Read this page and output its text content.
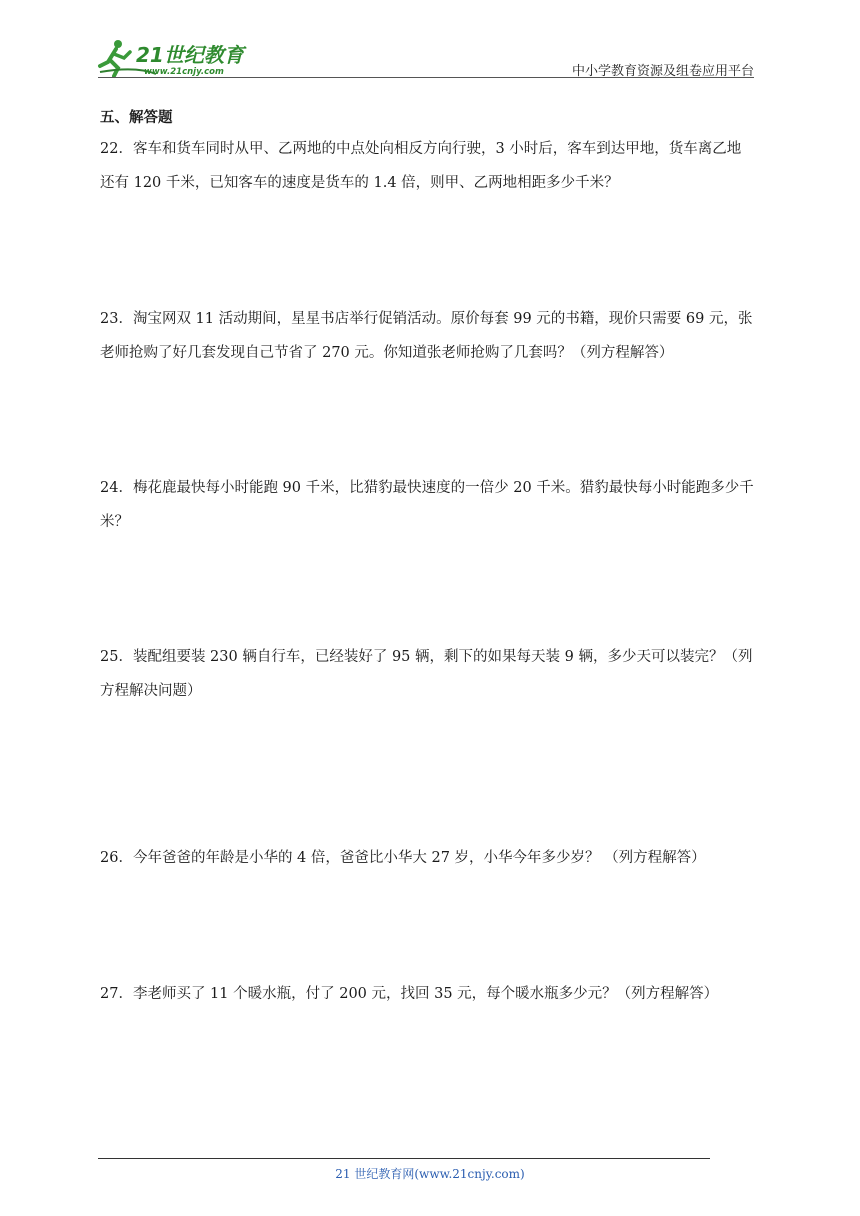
21世纪教育
www.21cnjy.com	中小学教育资源及组卷应用平台
五、解答题
22．客车和货车同时从甲、乙两地的中点处向相反方向行驶，3 小时后，客车到达甲地，货车离乙地
还有 120 千米，已知客车的速度是货车的 1.4 倍，则甲、乙两地相距多少千米？
23．淘宝网双 11 活动期间，星星书店举行促销活动。原价每套 99 元的书籍，现价只需要 69 元，张
老师抢购了好几套发现自己节省了 270 元。你知道张老师抢购了几套吗？（列方程解答）
24．梅花鹿最快每小时能跑 90 千米，比猎豹最快速度的一倍少 20 千米。猎豹最快每小时能跑多少千
米？
25．装配组要装 230 辆自行车，已经装好了 95 辆，剩下的如果每天装 9 辆，多少天可以装完？（列
方程解决问题）
26．今年爸爸的年龄是小华的 4 倍，爸爸比小华大 27 岁，小华今年多少岁？ （列方程解答）
27．李老师买了 11 个暖水瓶，付了 200 元，找回 35 元，每个暖水瓶多少元？（列方程解答）
21 世纪教育网(www.21cnjy.com)
